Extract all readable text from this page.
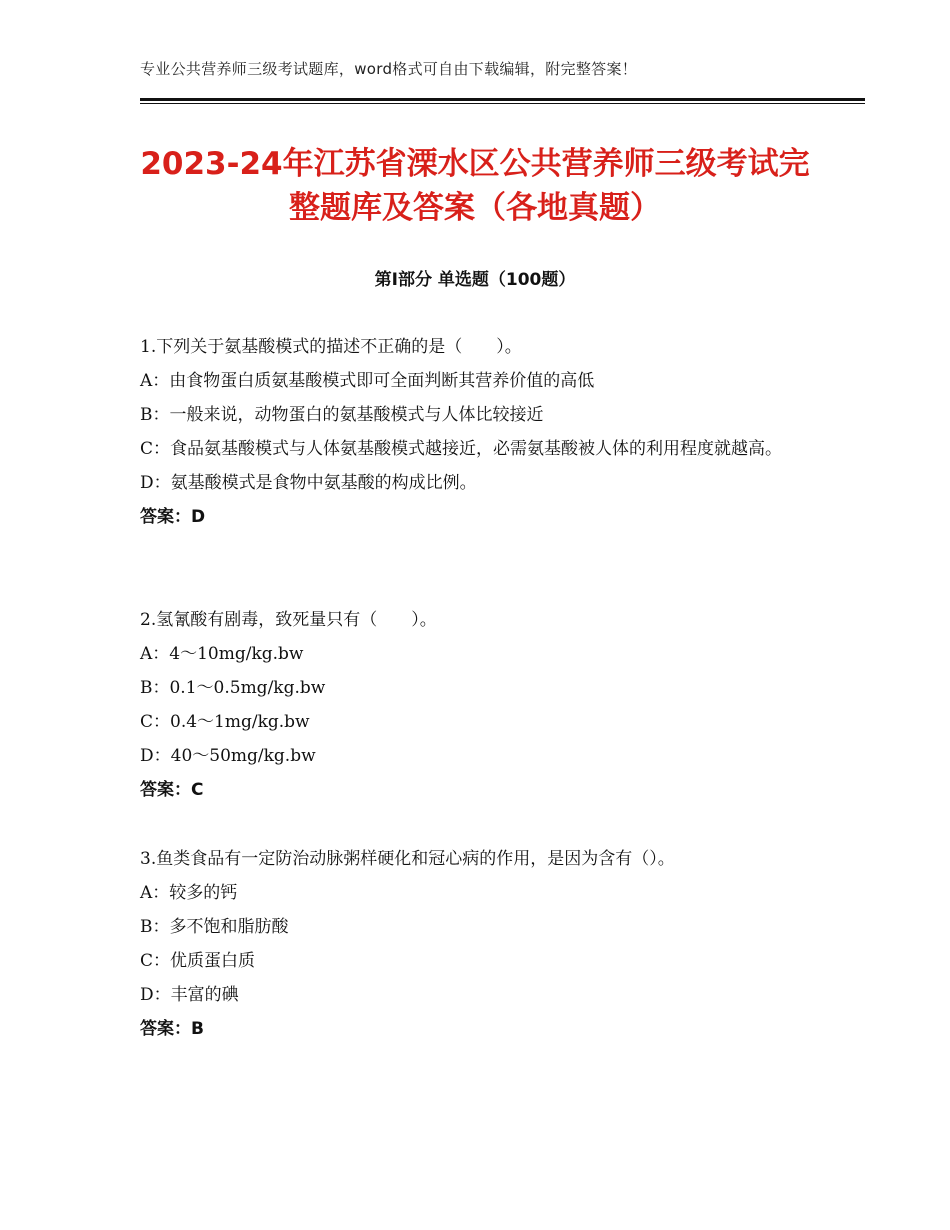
专业公共营养师三级考试题库，word格式可自由下载编辑，附完整答案！
2023-24年江苏省溧水区公共营养师三级考试完整题库及答案（各地真题）
第Ⅰ部分 单选题（100题）
1.下列关于氨基酸模式的描述不正确的是（　　）。
A：由食物蛋白质氨基酸模式即可全面判断其营养价值的高低
B：一般来说，动物蛋白的氨基酸模式与人体比较接近
C：食品氨基酸模式与人体氨基酸模式越接近，必需氨基酸被人体的利用程度就越高。
D：氨基酸模式是食物中氨基酸的构成比例。
答案：D
2.氢氰酸有剧毒，致死量只有（　　）。
A：4～10mg/kg.bw
B：0.1～0.5mg/kg.bw
C：0.4～1mg/kg.bw
D：40～50mg/kg.bw
答案：C
3.鱼类食品有一定防治动脉粥样硬化和冠心病的作用，是因为含有（）。
A：较多的钙
B：多不饱和脂肪酸
C：优质蛋白质
D：丰富的碘
答案：B
